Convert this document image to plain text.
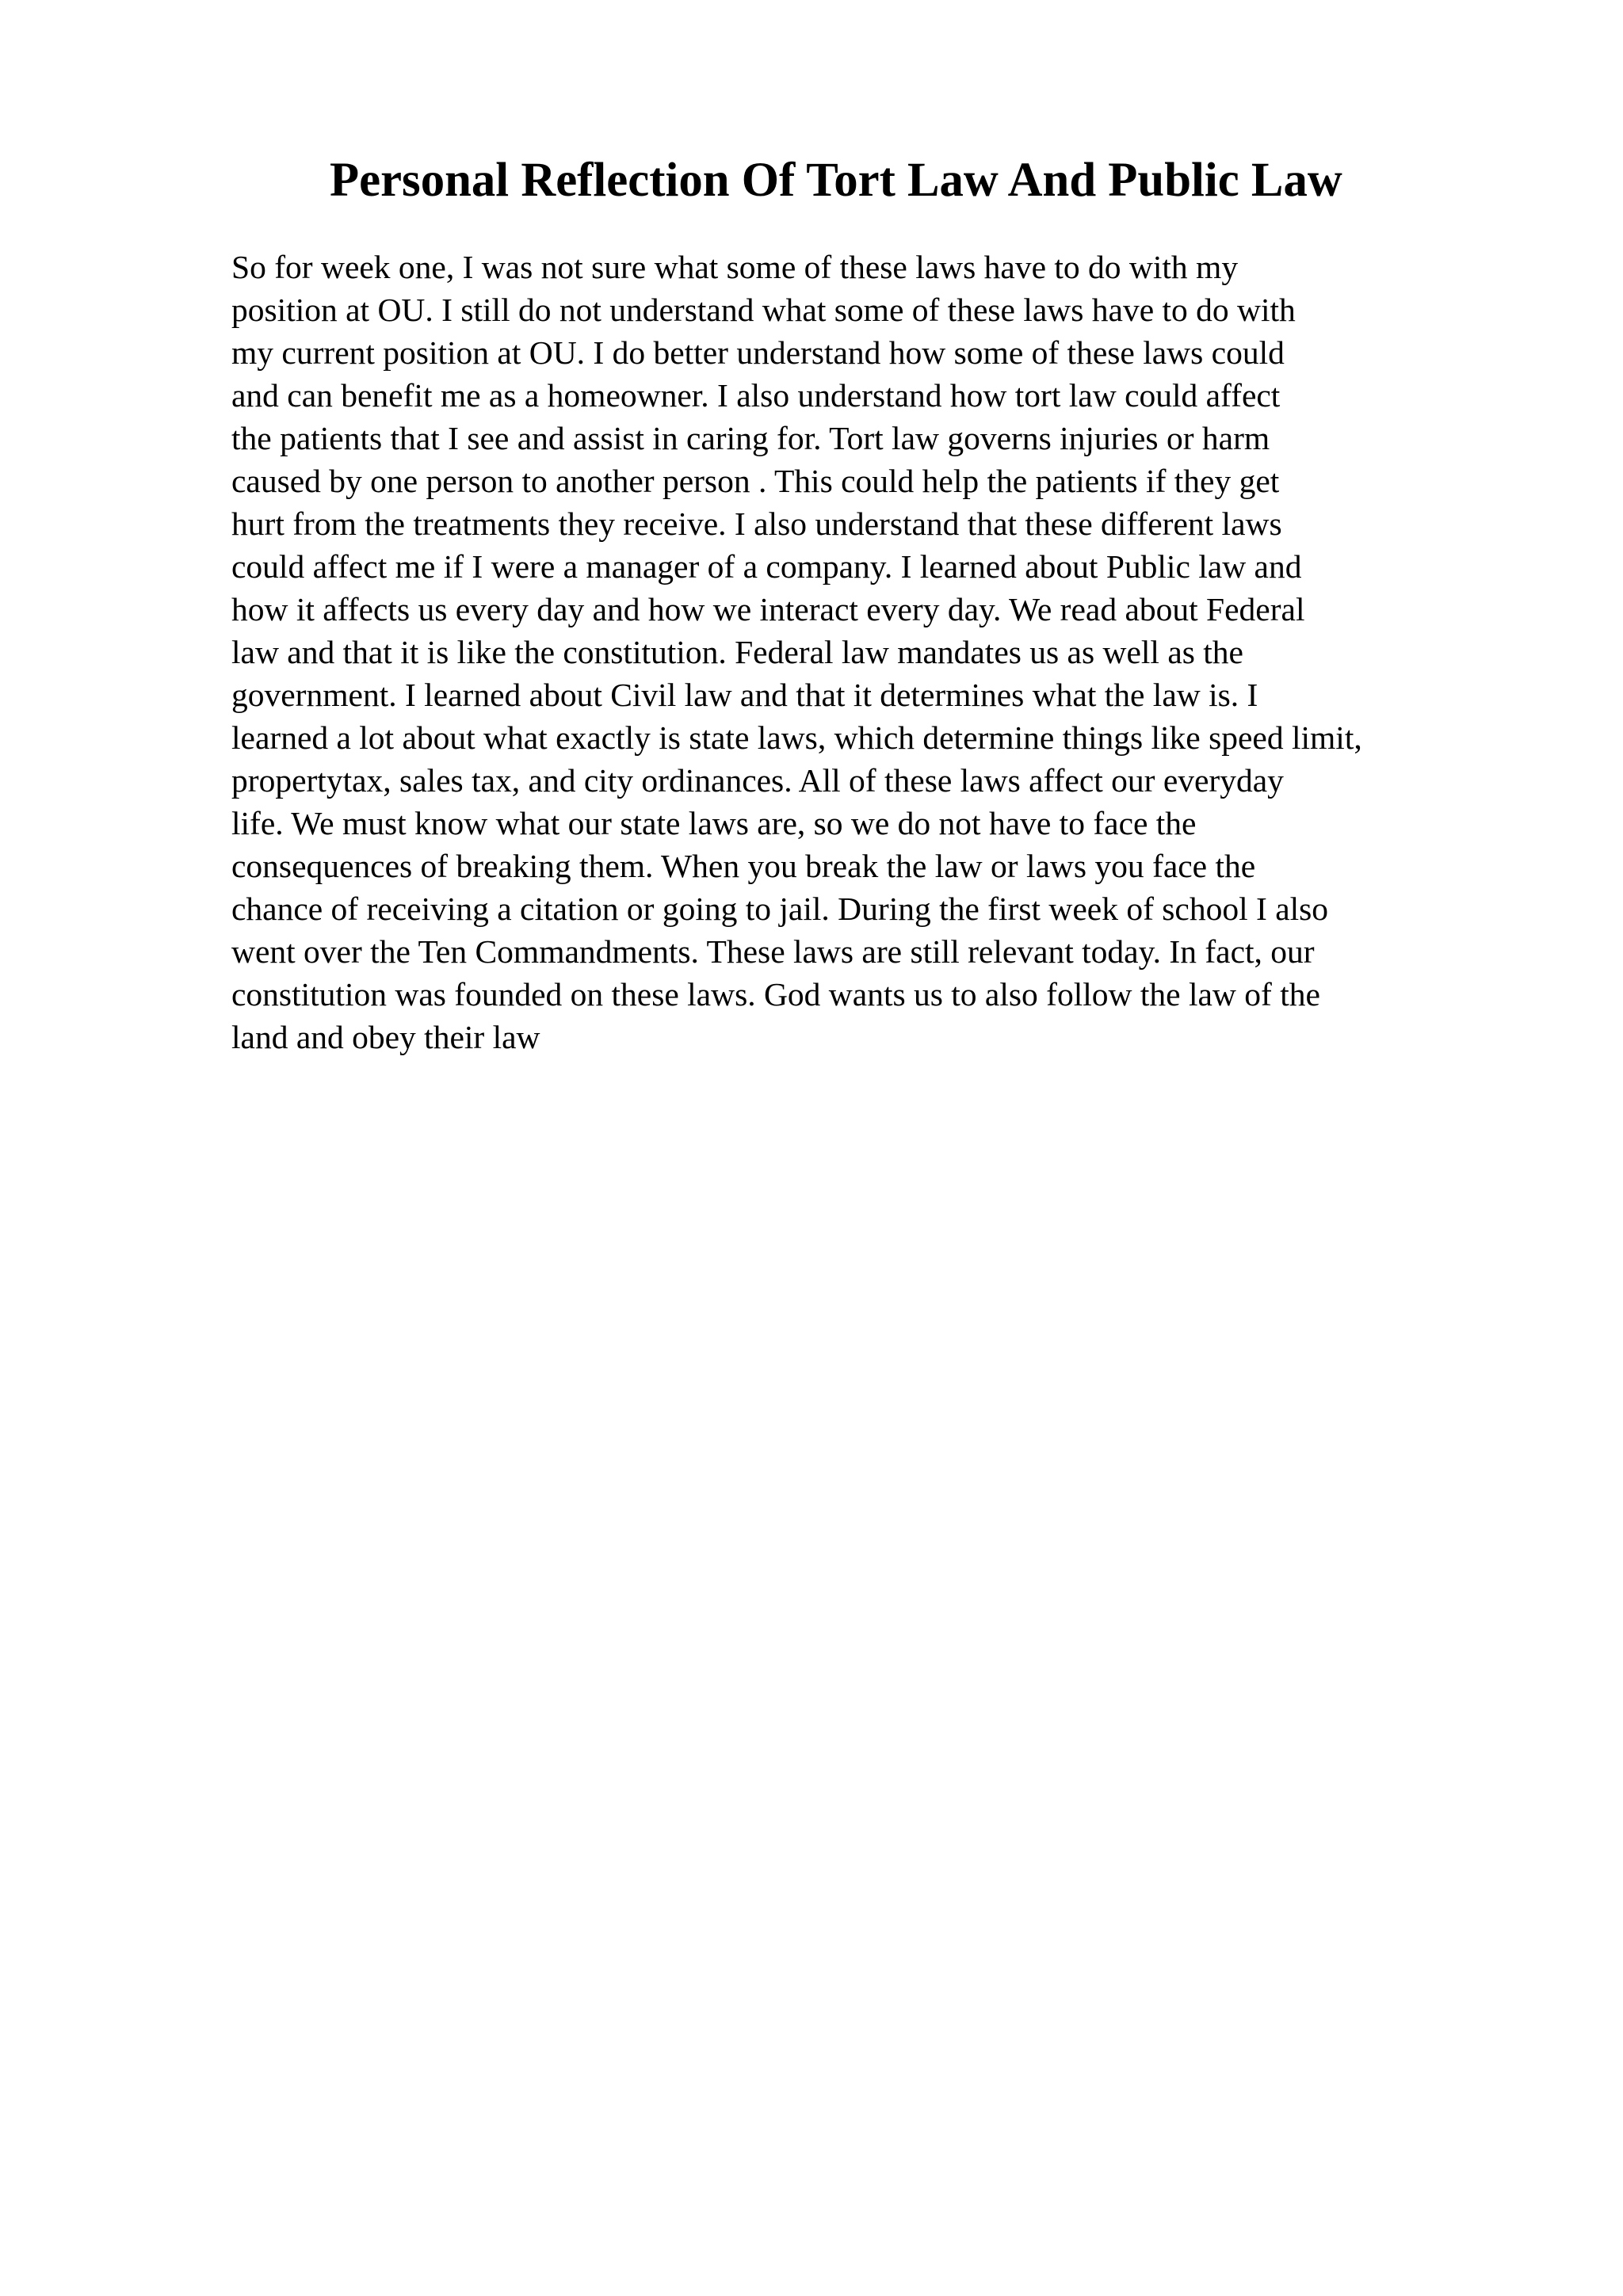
Personal Reflection Of Tort Law And Public Law
So for week one, I was not sure what some of these laws have to do with my
position at OU. I still do not understand what some of these laws have to do with
my current position at OU. I do better understand how some of these laws could
and can benefit me as a homeowner. I also understand how tort law could affect
the patients that I see and assist in caring for. Tort law governs injuries or harm
caused by one person to another person . This could help the patients if they get
hurt from the treatments they receive. I also understand that these different laws
could affect me if I were a manager of a company. I learned about Public law and
how it affects us every day and how we interact every day. We read about Federal
law and that it is like the constitution. Federal law mandates us as well as the
government. I learned about Civil law and that it determines what the law is. I
learned a lot about what exactly is state laws, which determine things like speed limit,
propertytax, sales tax, and city ordinances. All of these laws affect our everyday
life. We must know what our state laws are, so we do not have to face the
consequences of breaking them. When you break the law or laws you face the
chance of receiving a citation or going to jail. During the first week of school I also
went over the Ten Commandments. These laws are still relevant today. In fact, our
constitution was founded on these laws. God wants us to also follow the law of the
land and obey their law
